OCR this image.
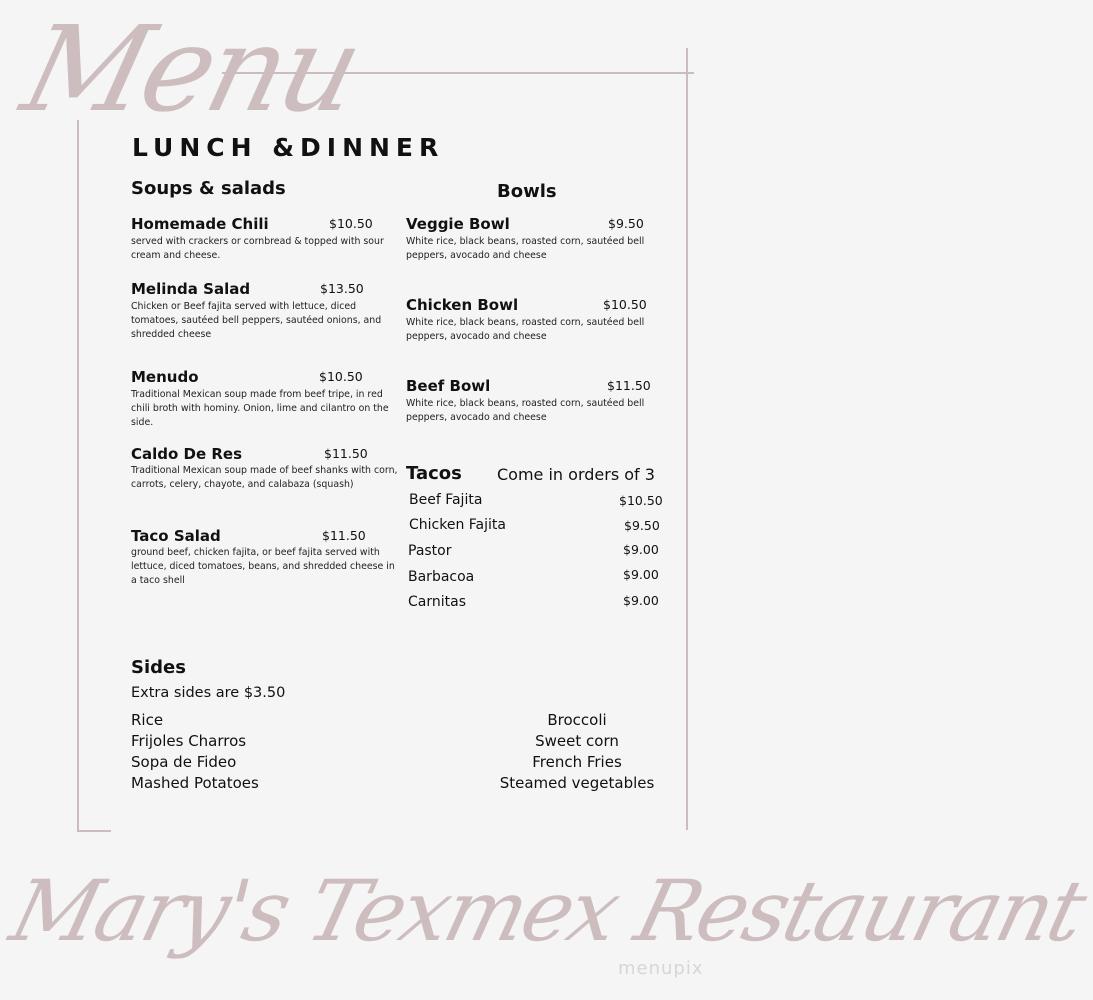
Menu
LUNCH &DINNER
Soups & salads
Homemade Chili	$10.50
served with crackers or cornbread & topped with sour cream and cheese.
Melinda Salad	$13.50
Chicken or Beef fajita served with lettuce, diced tomatoes, sautéed bell peppers, sautéed onions, and shredded cheese
Menudo	$10.50
Traditional Mexican soup made from beef tripe, in red chili broth with hominy. Onion, lime and cilantro on the side.
Caldo De Res	$11.50
Traditional Mexican soup made of beef shanks with corn, carrots, celery, chayote, and calabaza (squash)
Taco Salad	$11.50
ground beef, chicken fajita, or beef fajita served with lettuce, diced tomatoes, beans, and shredded cheese in a taco shell
Bowls
Veggie Bowl	$9.50
White rice, black beans, roasted corn, sautéed bell peppers, avocado and cheese
Chicken Bowl	$10.50
White rice, black beans, roasted corn, sautéed bell peppers, avocado and cheese
Beef Bowl	$11.50
White rice, black beans, roasted corn, sautéed bell peppers, avocado and cheese
Tacos Come in orders of 3
Beef Fajita	$10.50
Chicken Fajita	$9.50
Pastor	$9.00
Barbacoa	$9.00
Carnitas	$9.00
Sides
Extra sides are $3.50
Rice
Frijoles Charros
Sopa de Fideo
Mashed Potatoes
Broccoli
Sweet corn
French Fries
Steamed vegetables
Mary's Texmex Restaurant
menupix
